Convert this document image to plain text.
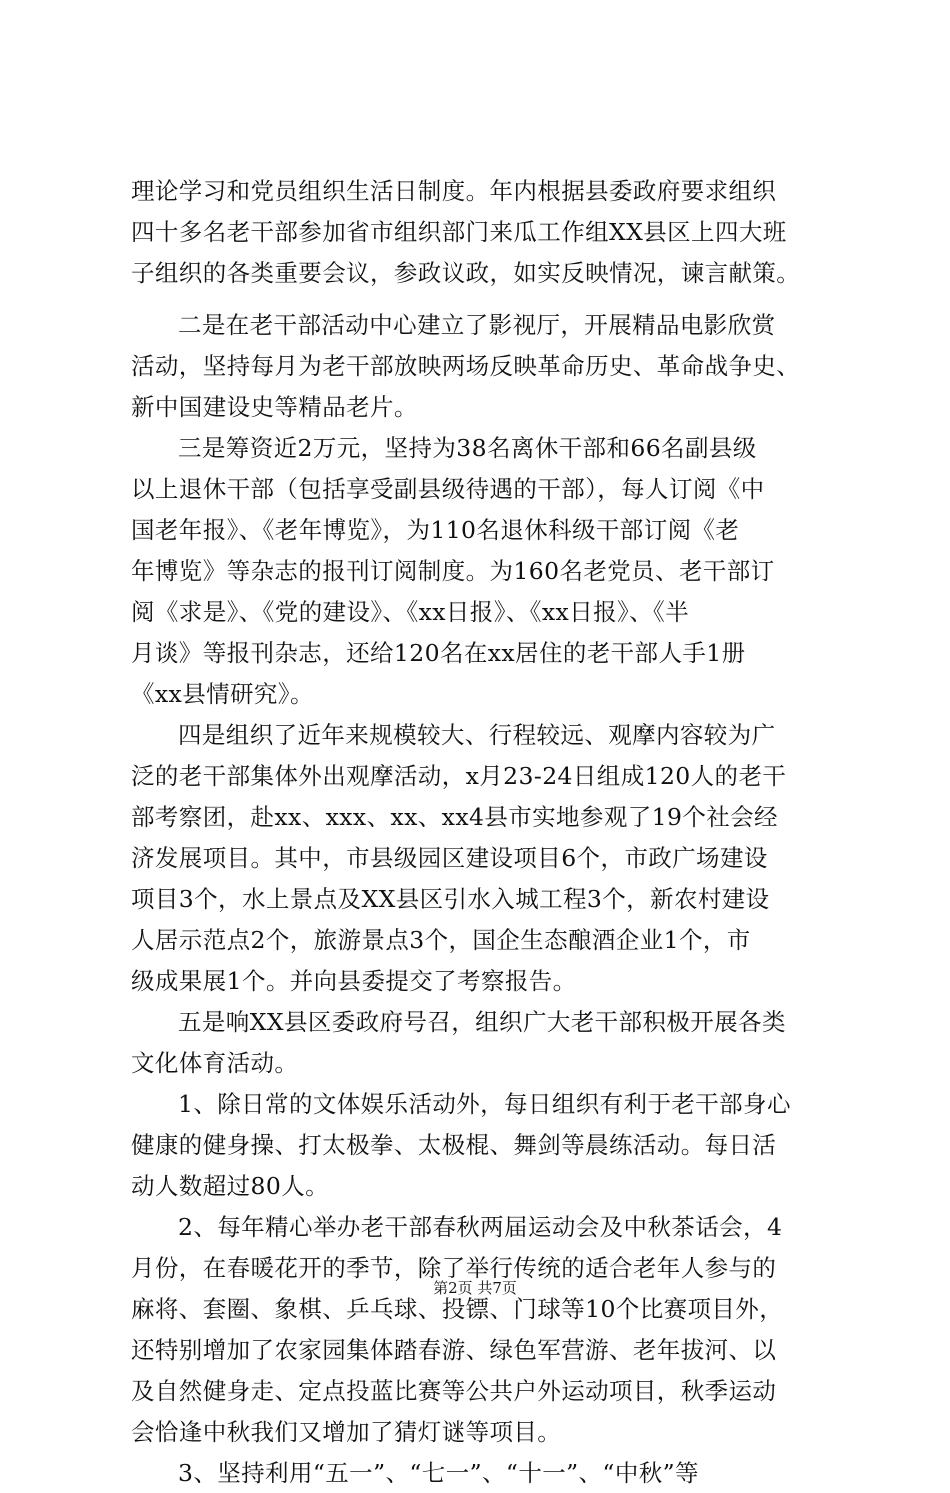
理论学习和党员组织生活日制度。年内根据县委政府要求组织
四十多名老干部参加省市组织部门来瓜工作组XX县区上四大班
子组织的各类重要会议，参政议政，如实反映情况，谏言献策。
二是在老干部活动中心建立了影视厅，开展精品电影欣赏
活动，坚持每月为老干部放映两场反映革命历史、革命战争史、
新中国建设史等精品老片。
三是筹资近2万元，坚持为38名离休干部和66名副县级
以上退休干部（包括享受副县级待遇的干部），每人订阅《中
国老年报》、《老年博览》，为110名退休科级干部订阅《老
年博览》等杂志的报刊订阅制度。为160名老党员、老干部订
阅《求是》、《党的建设》、《xx日报》、《xx日报》、《半
月谈》等报刊杂志，还给120名在xx居住的老干部人手1册
《xx县情研究》。
四是组织了近年来规模较大、行程较远、观摩内容较为广
泛的老干部集体外出观摩活动，x月23-24日组成120人的老干
部考察团，赴xx、xxx、xx、xx4县市实地参观了19个社会经
济发展项目。其中，市县级园区建设项目6个，市政广场建设
项目3个，水上景点及XX县区引水入城工程3个，新农村建设
人居示范点2个，旅游景点3个，国企生态酿酒企业1个，市
级成果展1个。并向县委提交了考察报告。
五是响XX县区委政府号召，组织广大老干部积极开展各类
文化体育活动。
1、除日常的文体娱乐活动外，每日组织有利于老干部身心
健康的健身操、打太极拳、太极棍、舞剑等晨练活动。每日活
动人数超过80人。
2、每年精心举办老干部春秋两届运动会及中秋茶话会，4
月份，在春暖花开的季节，除了举行传统的适合老年人参与的
麻将、套圈、象棋、乒乓球、投镖、门球等10个比赛项目外，
还特别增加了农家园集体踏春游、绿色军营游、老年拔河、以
及自然健身走、定点投蓝比赛等公共户外运动项目，秋季运动
会恰逢中秋我们又增加了猜灯谜等项目。
3、坚持利用“五一”、“七一”、“十一”、“中秋”等
第2页 共7页
